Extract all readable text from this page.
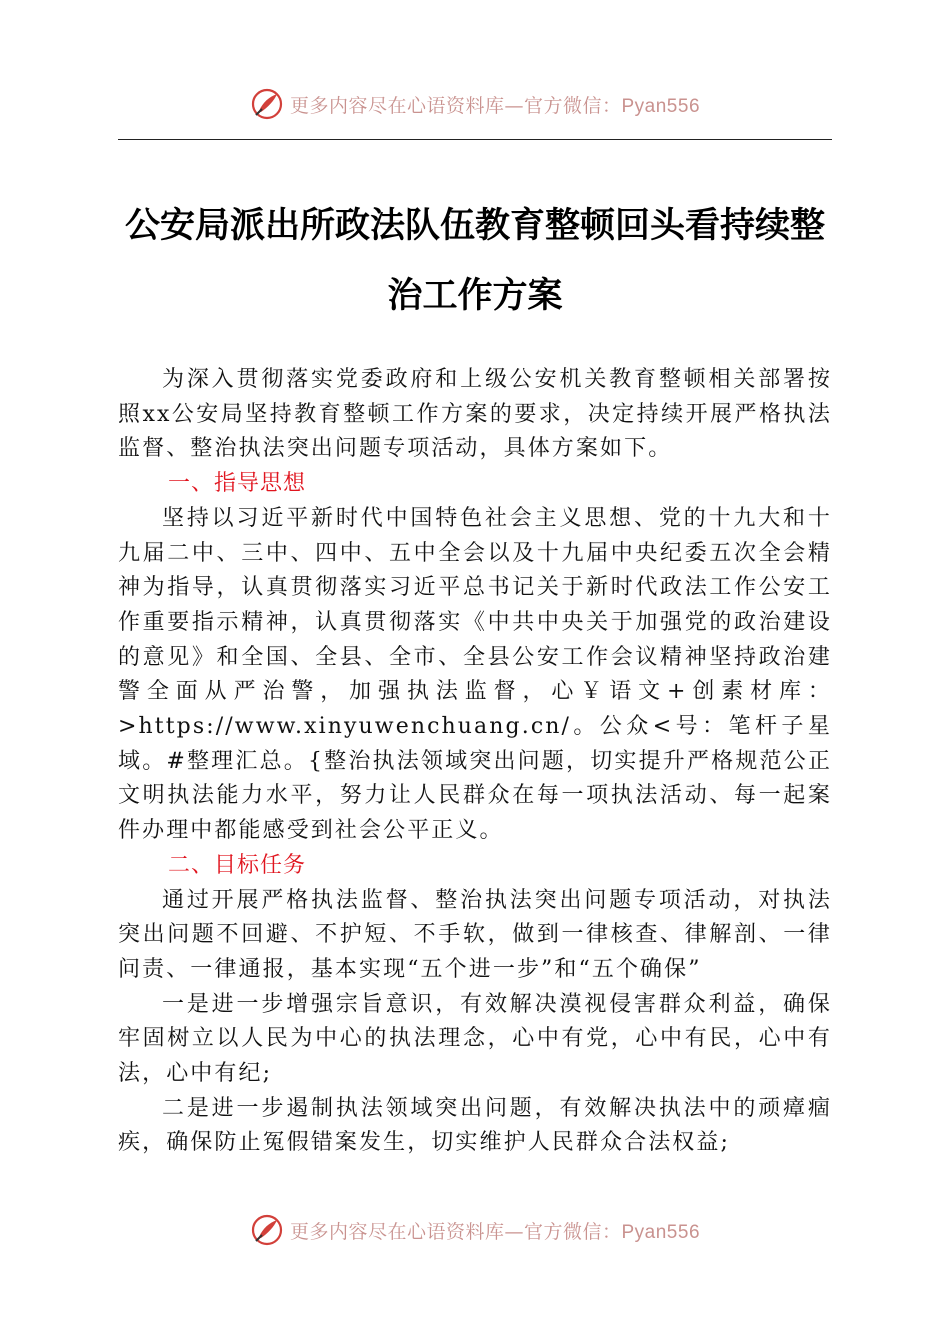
更多内容尽在心语资料库—官方微信：Pyan556
公安局派出所政法队伍教育整顿回头看持续整
治工作方案

为深入贯彻落实党委政府和上级公安机关教育整顿相关部署按照xx公安局坚持教育整顿工作方案的要求，决定持续开展严格执法监督、整治执法突出问题专项活动，具体方案如下。

一、指导思想

坚持以习近平新时代中国特色社会主义思想、党的十九大和十九届二中、三中、四中、五中全会以及十九届中央纪委五次全会精神为指导，认真贯彻落实习近平总书记关于新时代政法工作公安工作重要指示精神，认真贯彻落实《中共中央关于加强党的政治建设的意见》和全国、全县、全市、全县公安工作会议精神坚持政治建警全面从严治警，加强执法监督，心￥语文+创素材库：>https://www.xinyuwenchuang.cn/。公众<号：笔杆子星域。#整理汇总。{整治执法领域突出问题，切实提升严格规范公正文明执法能力水平，努力让人民群众在每一项执法活动、每一起案件办理中都能感受到社会公平正义。

二、目标任务

通过开展严格执法监督、整治执法突出问题专项活动，对执法突出问题不回避、不护短、不手软，做到一律核查、律解剖、一律问责、一律通报，基本实现“五个进一步”和“五个确保”

一是进一步增强宗旨意识，有效解决漠视侵害群众利益，确保牢固树立以人民为中心的执法理念，心中有党，心中有民，心中有法，心中有纪;

二是进一步遏制执法领域突出问题，有效解决执法中的顽瘴痼疾，确保防止冤假错案发生，切实维护人民群众合法权益;

更多内容尽在心语资料库—官方微信：Pyan556
